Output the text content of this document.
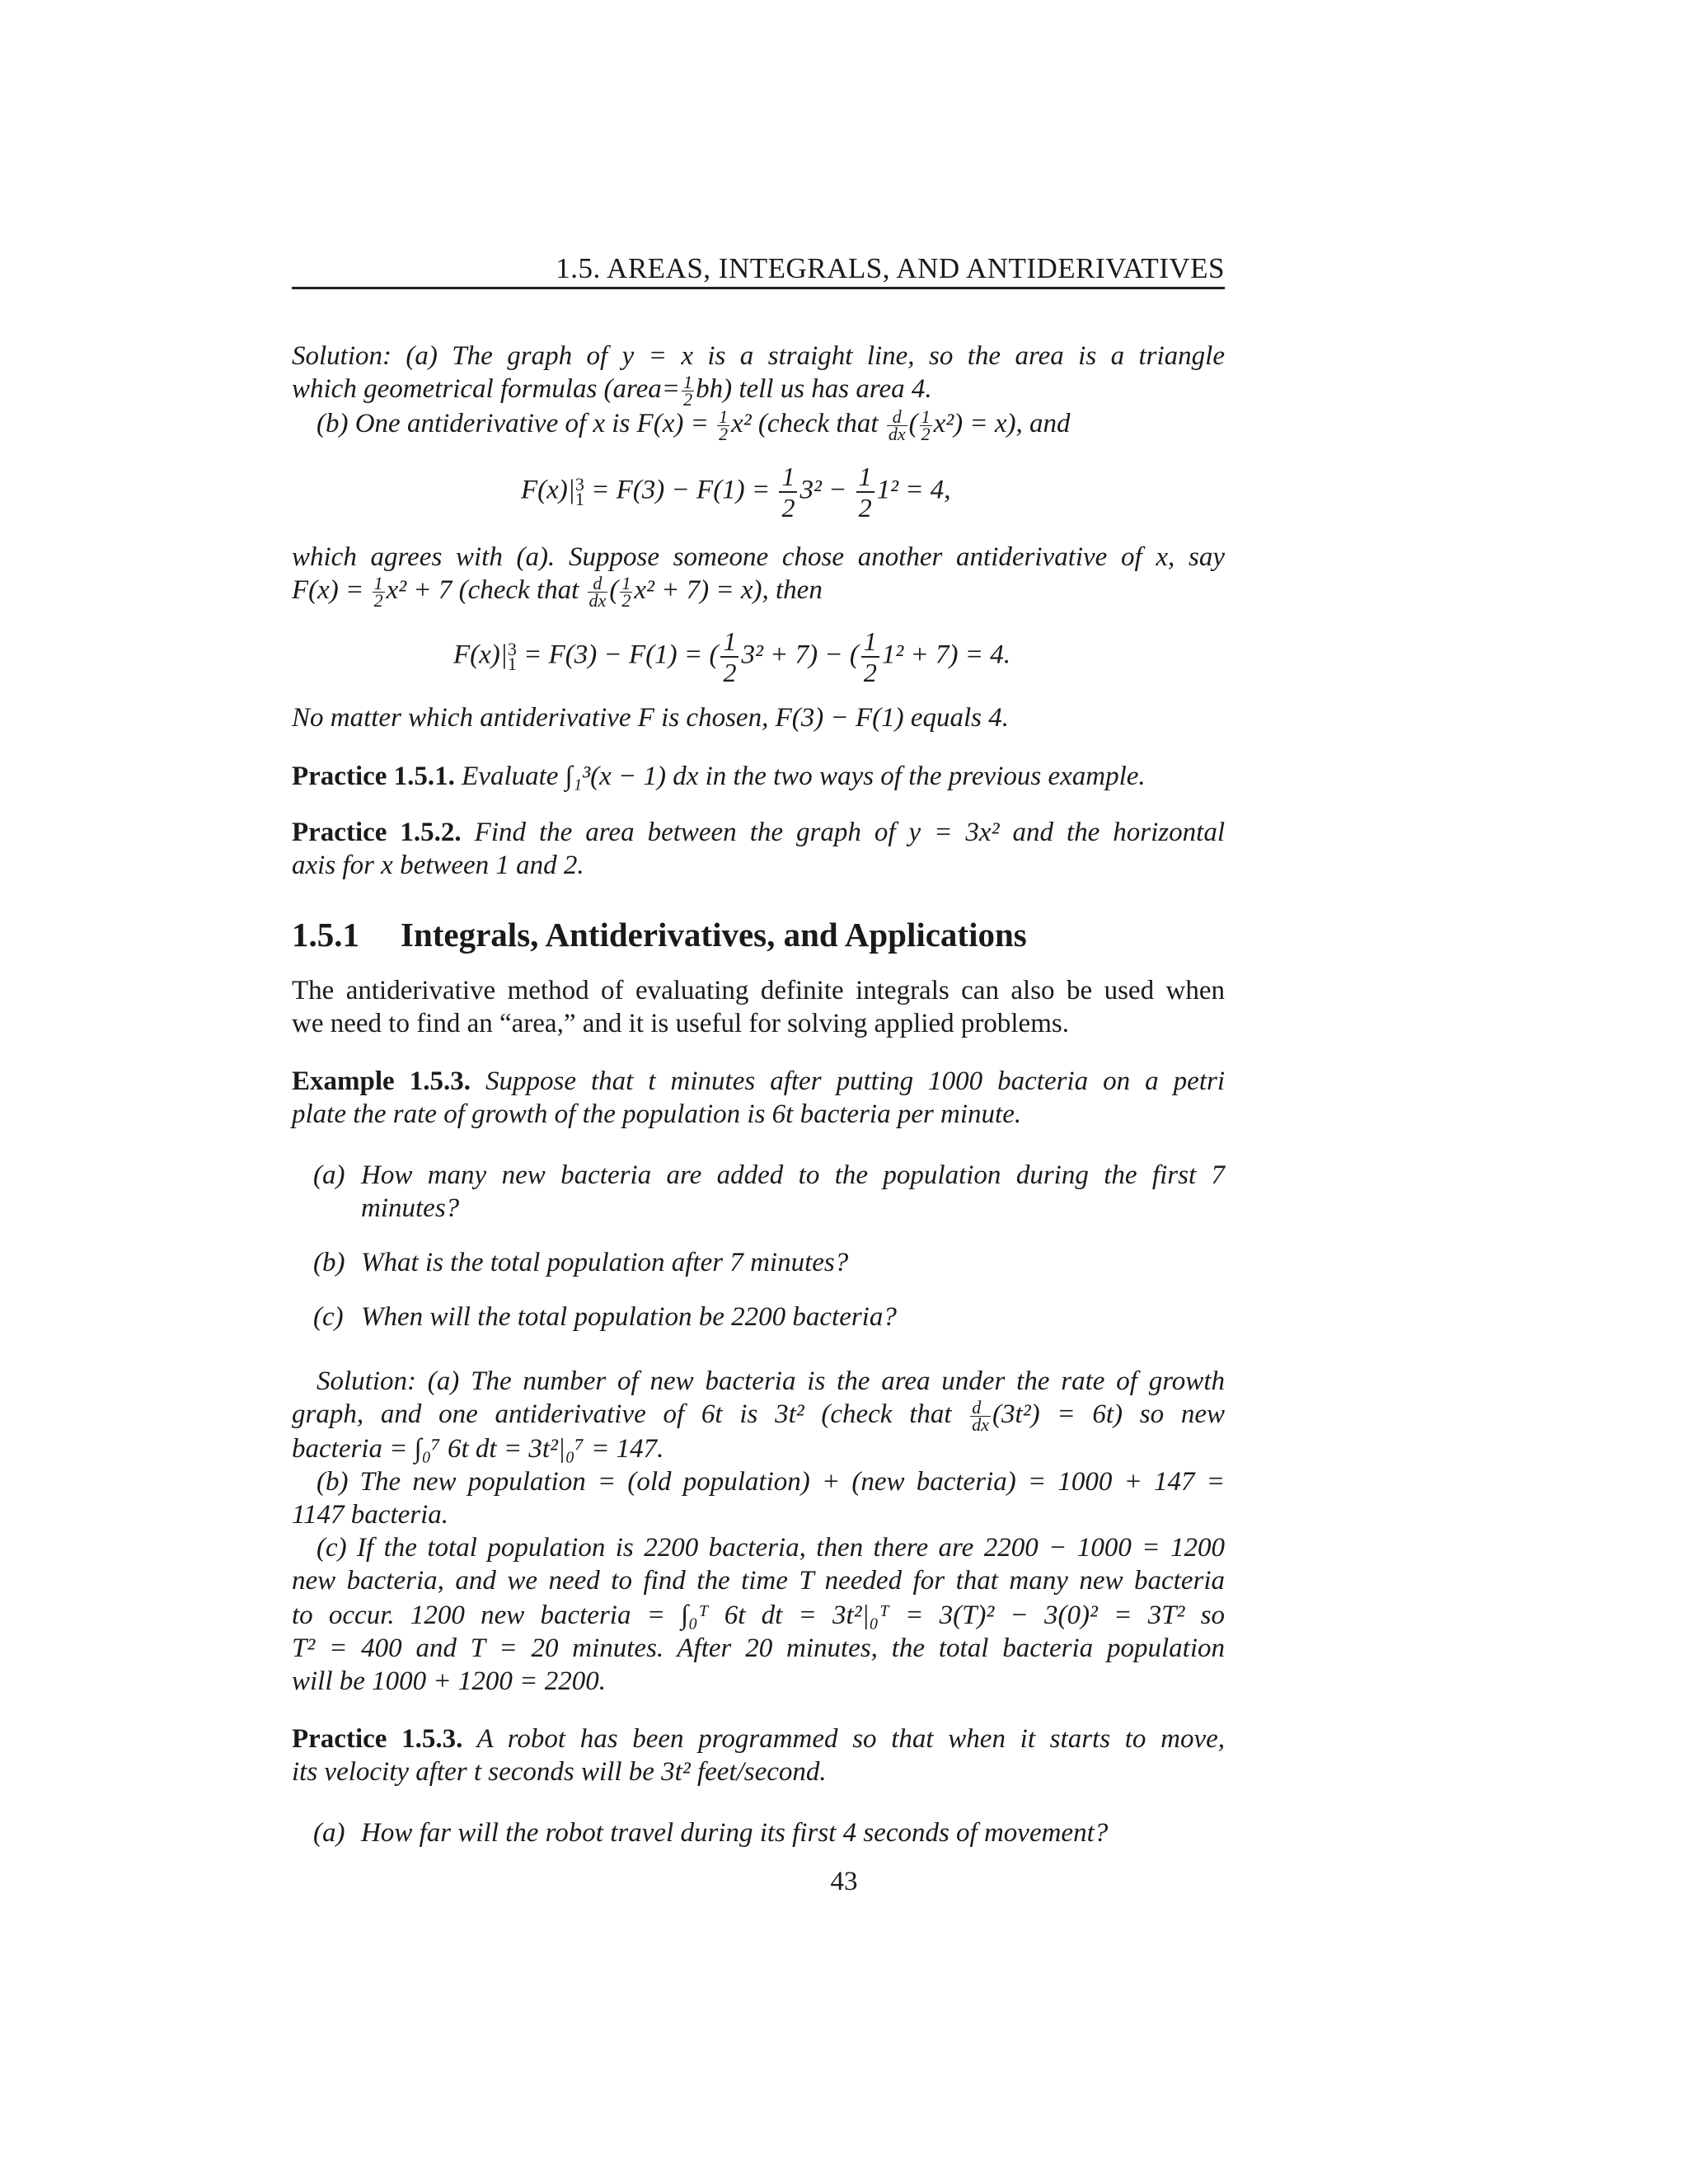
1.5. AREAS, INTEGRALS, AND ANTIDERIVATIVES
Solution: (a) The graph of y = x is a straight line, so the area is a triangle
which geometrical formulas (area= $\frac{1}{2} bh$) tell us has area 4.
(b) One antiderivative of x is $F(x) = \frac{1}{2} x^2$ (check that $\frac{d}{dx}$ ( $\frac{1}{2} x^2) = x$), and
F(x)| 3
$1 = F(3) - F(1) = \frac{1}{2} 3^2 - \frac{1}{2} 1^2 = 4$,
which agrees with (a). Suppose someone chose another antiderivative of x, say
$F(x) = \frac{1}{2} x^2 + 7$ (check that $\frac{d}{dx}$ ( $\frac{1}{2} x^2 + 7) = x$), then
F(x)| 3
1 = F(3) − F(1) = ( $\frac{1}{2} 3^2 + 7$) − ( $\frac{1}{2} 1^2 + 7) = 4$.
No matter which antiderivative F is chosen, F(3) − F(1) equals 4.
Practice 1.5.1. Evaluate ∫₁³(x − 1) dx in the two ways of the previous example.
Practice 1.5.2. Find the area between the graph of y = 3x² and the horizontal
axis for x between 1 and 2.
1.5.1 Integrals, Antiderivatives, and Applications
The antiderivative method of evaluating definite integrals can also be used when
we need to find an “area,” and it is useful for solving applied problems.
Example 1.5.3. Suppose that t minutes after putting 1000 bacteria on a petri
plate the rate of growth of the population is 6t bacteria per minute.
(a) How many new bacteria are added to the population during the first 7
minutes?
(b) What is the total population after 7 minutes?
(c) When will the total population be 2200 bacteria?
Solution: (a) The number of new bacteria is the area under the rate of growth
graph, and one antiderivative of 6t is 3t² (check that $\frac{d}{dx} (3t^2) = 6t$) so new
bacteria = ∫₀⁷ 6t dt = 3t²|₀⁷ = 147.
(b) The new population = (old population) + (new bacteria) = 1000 + 147 =
1147 bacteria.
(c) If the total population is 2200 bacteria, then there are 2200 − 1000 = 1200
new bacteria, and we need to find the time T needed for that many new bacteria
to occur. 1200 new bacteria = ∫₀ᵀ 6t dt = 3t²|₀ᵀ = 3(T)² − 3(0)² = 3T² so
T² = 400 and T = 20 minutes. After 20 minutes, the total bacteria population
will be 1000 + 1200 = 2200.
Practice 1.5.3. A robot has been programmed so that when it starts to move,
its velocity after t seconds will be 3t² feet/second.
(a) How far will the robot travel during its first 4 seconds of movement?
43
